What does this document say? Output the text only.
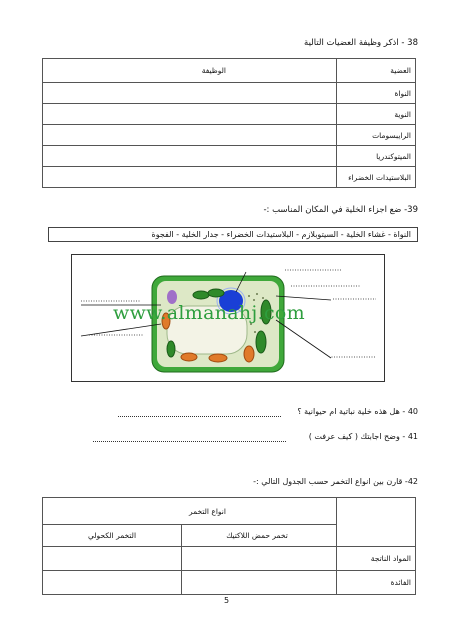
38 - اذكر وظيفة العضيات التالية
الوظيفة	العضية
	النواة
	النوية
	الرايبسومات
	الميتوكندريا
	البلاستيدات الخضراء
39- ضع اجزاء الخلية في المكان المناسب :-
النواة - غشاء الخلية - السيتوبلازم - البلاستيدات الخضراء - جدار الخلية - الفجوة
www.almanahj.com
40 - هل هذه خلية نباتية ام حيوانية ؟
41 - وضح اجابتك ( كيف عرفت )
42- قارن بين انواع التخمر حسب الجدول التالي :-
انواع التخمر		
التخمر الكحولي	تخمر حمض اللاكتيك	
		المواد الناتجة
		الفائدة
5
